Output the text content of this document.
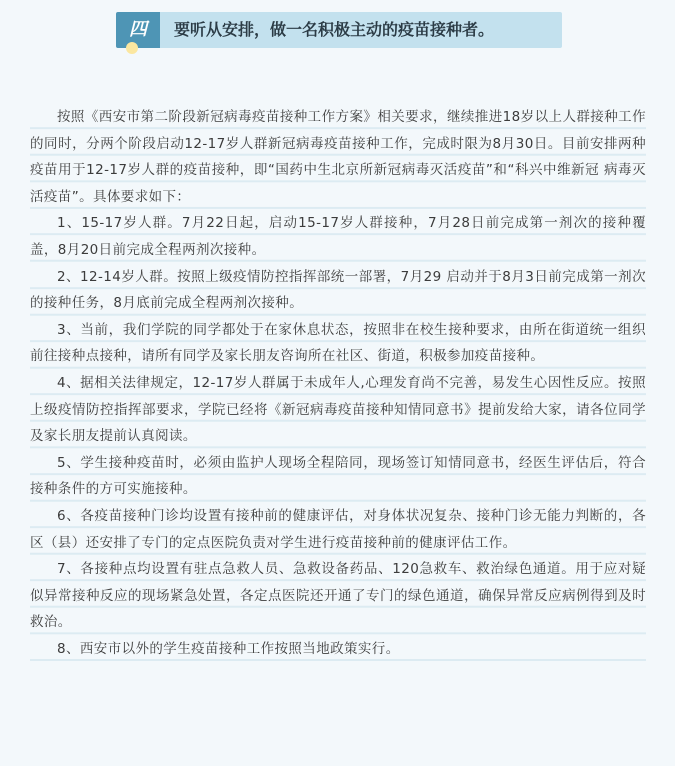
四	要听从安排，做一名积极主动的疫苗接种者。

按照《西安市第二阶段新冠病毒疫苗接种工作方案》相关要求，继续推进18岁以上人群接种工作的同时，分两个阶段启动12-17岁人群新冠病毒疫苗接种工作，完成时限为8月30日。目前安排两种疫苗用于12-17岁人群的疫苗接种，即“国药中生北京所新冠病毒灭活疫苗”和“科兴中维新冠 病毒灭活疫苗”。具体要求如下：

1、15-17岁人群。7月22日起，启动15-17岁人群接种，7月28日前完成第一剂次的接种覆盖，8月20日前完成全程两剂次接种。

2、12-14岁人群。按照上级疫情防控指挥部统一部署，7月29 启动并于8月3日前完成第一剂次的接种任务，8月底前完成全程两剂次接种。

3、当前，我们学院的同学都处于在家休息状态，按照非在校生接种要求，由所在街道统一组织前往接种点接种，请所有同学及家长朋友咨询所在社区、街道，积极参加疫苗接种。

4、据相关法律规定，12-17岁人群属于未成年人,心理发育尚不完善，易发生心因性反应。按照上级疫情防控指挥部要求，学院已经将《新冠病毒疫苗接种知情同意书》提前发给大家，请各位同学及家长朋友提前认真阅读。

5、学生接种疫苗时，必须由监护人现场全程陪同，现场签订知情同意书，经医生评估后，符合接种条件的方可实施接种。

6、各疫苗接种门诊均设置有接种前的健康评估，对身体状况复杂、接种门诊无能力判断的，各区（县）还安排了专门的定点医院负责对学生进行疫苗接种前的健康评估工作。

7、各接种点均设置有驻点急救人员、急救设备药品、120急救车、救治绿色通道。用于应对疑似异常接种反应的现场紧急处置，各定点医院还开通了专门的绿色通道，确保异常反应病例得到及时救治。

8、西安市以外的学生疫苗接种工作按照当地政策实行。
